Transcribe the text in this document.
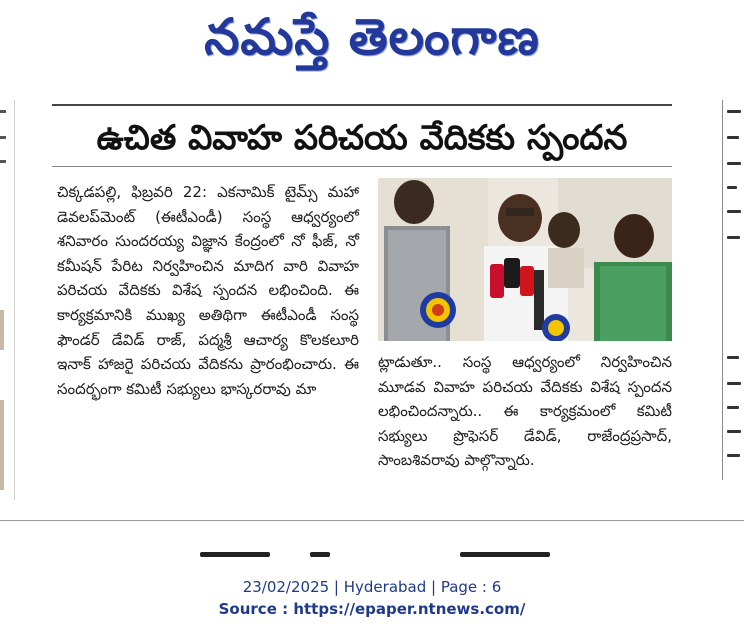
నమస్తే తెలంగాణ
ఉచిత వివాహ పరిచయ వేదికకు స్పందన

చిక్కడపల్లి, ఫిబ్రవరి 22: ఎకనామిక్ టైమ్స్ మహా డెవలప్‌మెంట్ (ఈటీఎండీ) సంస్థ ఆధ్వర్యంలో శనివారం సుందరయ్య విజ్ఞాన కేంద్రంలో నో ఫీజ్, నో కమీషన్ పేరిట నిర్వహించిన మాదిగ వారి వివాహ పరిచయ వేదికకు విశేష స్పందన లభించింది. ఈ కార్యక్రమానికి ముఖ్య అతిథిగా ఈటీఎండీ సంస్థ ఫౌండర్ డేవిడ్ రాజ్, పద్మశ్రీ ఆచార్య కొలకలూరి ఇనాక్ హాజరై పరిచయ వేదికను ప్రారంభించారు. ఈ సందర్భంగా కమిటీ సభ్యులు భాస్కరరావు మా

ట్లాడుతూ.. సంస్థ ఆధ్వర్యంలో నిర్వహించిన మూడవ వివాహ పరిచయ వేదికకు విశేష స్పందన లభించిందన్నారు.. ఈ కార్యక్రమంలో కమిటీ సభ్యులు ప్రొఫెసర్ డేవిడ్, రాజేంద్రప్రసాద్, సాంబశివరావు పాల్గొన్నారు.

23/02/2025 | Hyderabad | Page : 6
Source : https://epaper.ntnews.com/
